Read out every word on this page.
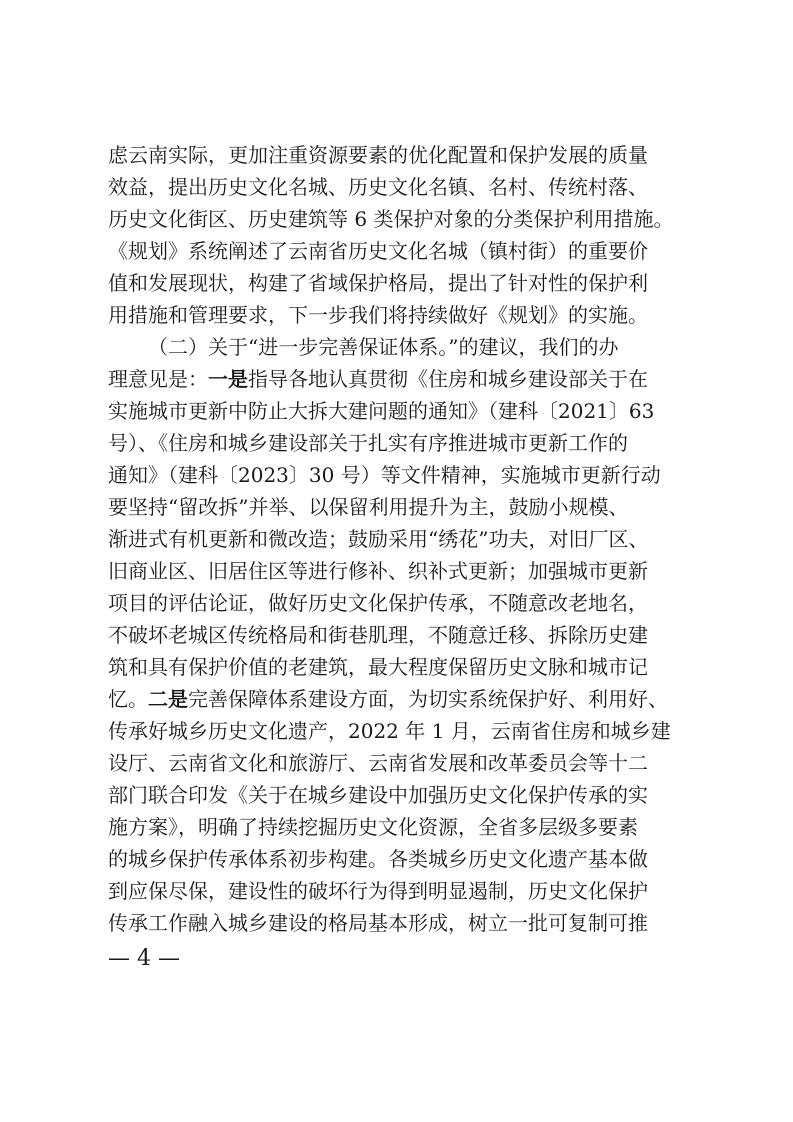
虑云南实际，更加注重资源要素的优化配置和保护发展的质量
效益，提出历史文化名城、历史文化名镇、名村、传统村落、
历史文化街区、历史建筑等 6 类保护对象的分类保护利用措施。
《规划》系统阐述了云南省历史文化名城（镇村街）的重要价
值和发展现状，构建了省域保护格局，提出了针对性的保护利
用措施和管理要求，下一步我们将持续做好《规划》的实施。
（二）关于“进一步完善保证体系。”的建议，我们的办
理意见是：一是指导各地认真贯彻《住房和城乡建设部关于在
实施城市更新中防止大拆大建问题的通知》（建科〔2021〕63
号）、《住房和城乡建设部关于扎实有序推进城市更新工作的
通知》（建科〔2023〕30 号）等文件精神，实施城市更新行动
要坚持“留改拆”并举、以保留利用提升为主，鼓励小规模、
渐进式有机更新和微改造；鼓励采用“绣花”功夫，对旧厂区、
旧商业区、旧居住区等进行修补、织补式更新；加强城市更新
项目的评估论证，做好历史文化保护传承，不随意改老地名，
不破坏老城区传统格局和街巷肌理，不随意迁移、拆除历史建
筑和具有保护价值的老建筑，最大程度保留历史文脉和城市记
忆。二是完善保障体系建设方面，为切实系统保护好、利用好、
传承好城乡历史文化遗产，2022 年 1 月，云南省住房和城乡建
设厅、云南省文化和旅游厅、云南省发展和改革委员会等十二
部门联合印发《关于在城乡建设中加强历史文化保护传承的实
施方案》，明确了持续挖掘历史文化资源，全省多层级多要素
的城乡保护传承体系初步构建。各类城乡历史文化遗产基本做
到应保尽保，建设性的破坏行为得到明显遏制，历史文化保护
传承工作融入城乡建设的格局基本形成，树立一批可复制可推
— 4 —
